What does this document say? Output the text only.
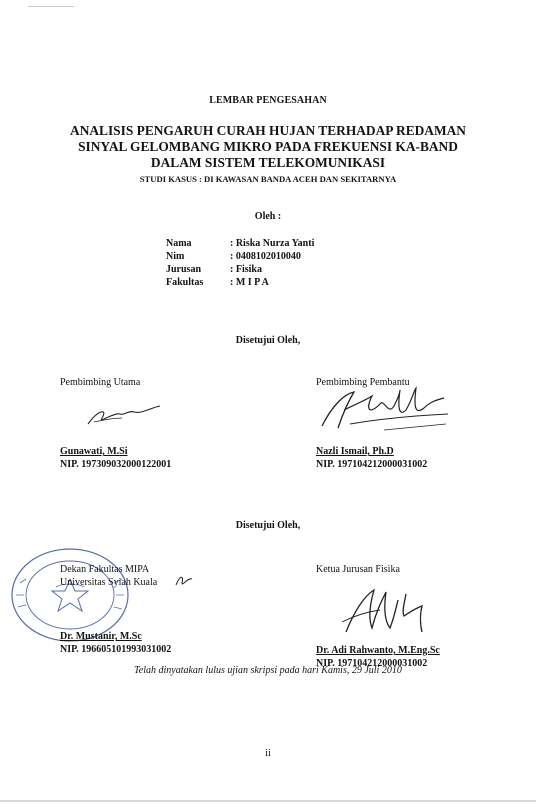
LEMBAR PENGESAHAN
ANALISIS PENGARUH CURAH HUJAN TERHADAP REDAMAN
SINYAL GELOMBANG MIKRO PADA FREKUENSI KA-BAND
DALAM SISTEM TELEKOMUNIKASI
STUDI KASUS : DI KAWASAN BANDA ACEH DAN SEKITARNYA
Oleh :
Nama	: Riska Nurza Yanti
Nim	: 0408102010040
Jurusan	: Fisika
Fakultas	: M I P A
Disetujui Oleh,
Pembimbing Utama
Gunawati, M.Si
NIP. 197309032000122001
Pembimbing Pembantu
Nazli Ismail, Ph.D
NIP. 197104212000031002
Disetujui Oleh,
Dekan Fakultas MIPA
Universitas Syiah Kuala
Dr. Mustanir, M.Sc
NIP. 196605101993031002
Ketua Jurusan Fisika
Dr. Adi Rahwanto, M.Eng.Sc
NIP. 197104212000031002
Telah dinyatakan lulus ujian skripsi pada hari Kamis, 29 Juli 2010
ii
